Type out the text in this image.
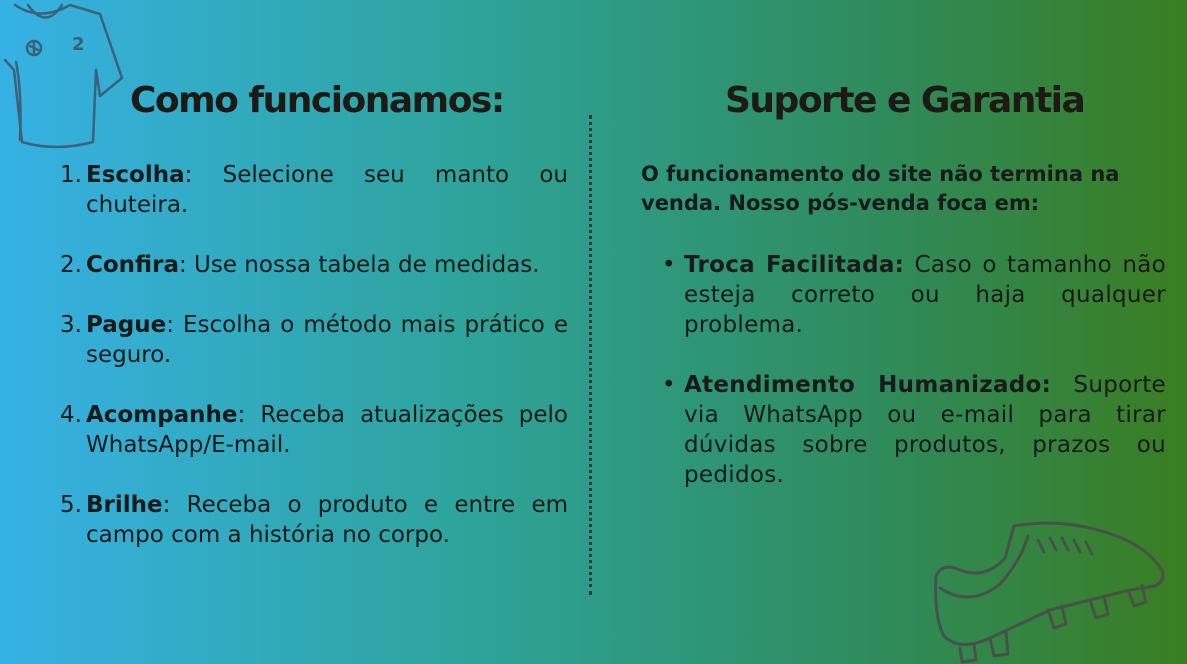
2
Como funcionamos:	Suporte e Garantia
1. Escolha: Selecione seu manto ou chuteira.
2. Confira: Use nossa tabela de medidas.
3. Pague: Escolha o método mais prático e seguro.
4. Acompanhe: Receba atualizações pelo WhatsApp/E-mail.
5. Brilhe: Receba o produto e entre em campo com a história no corpo.

O funcionamento do site não termina na venda. Nosso pós-venda foca em:

• Troca Facilitada: Caso o tamanho não esteja correto ou haja qualquer problema.
• Atendimento Humanizado: Suporte via WhatsApp ou e-mail para tirar dúvidas sobre produtos, prazos ou pedidos.
